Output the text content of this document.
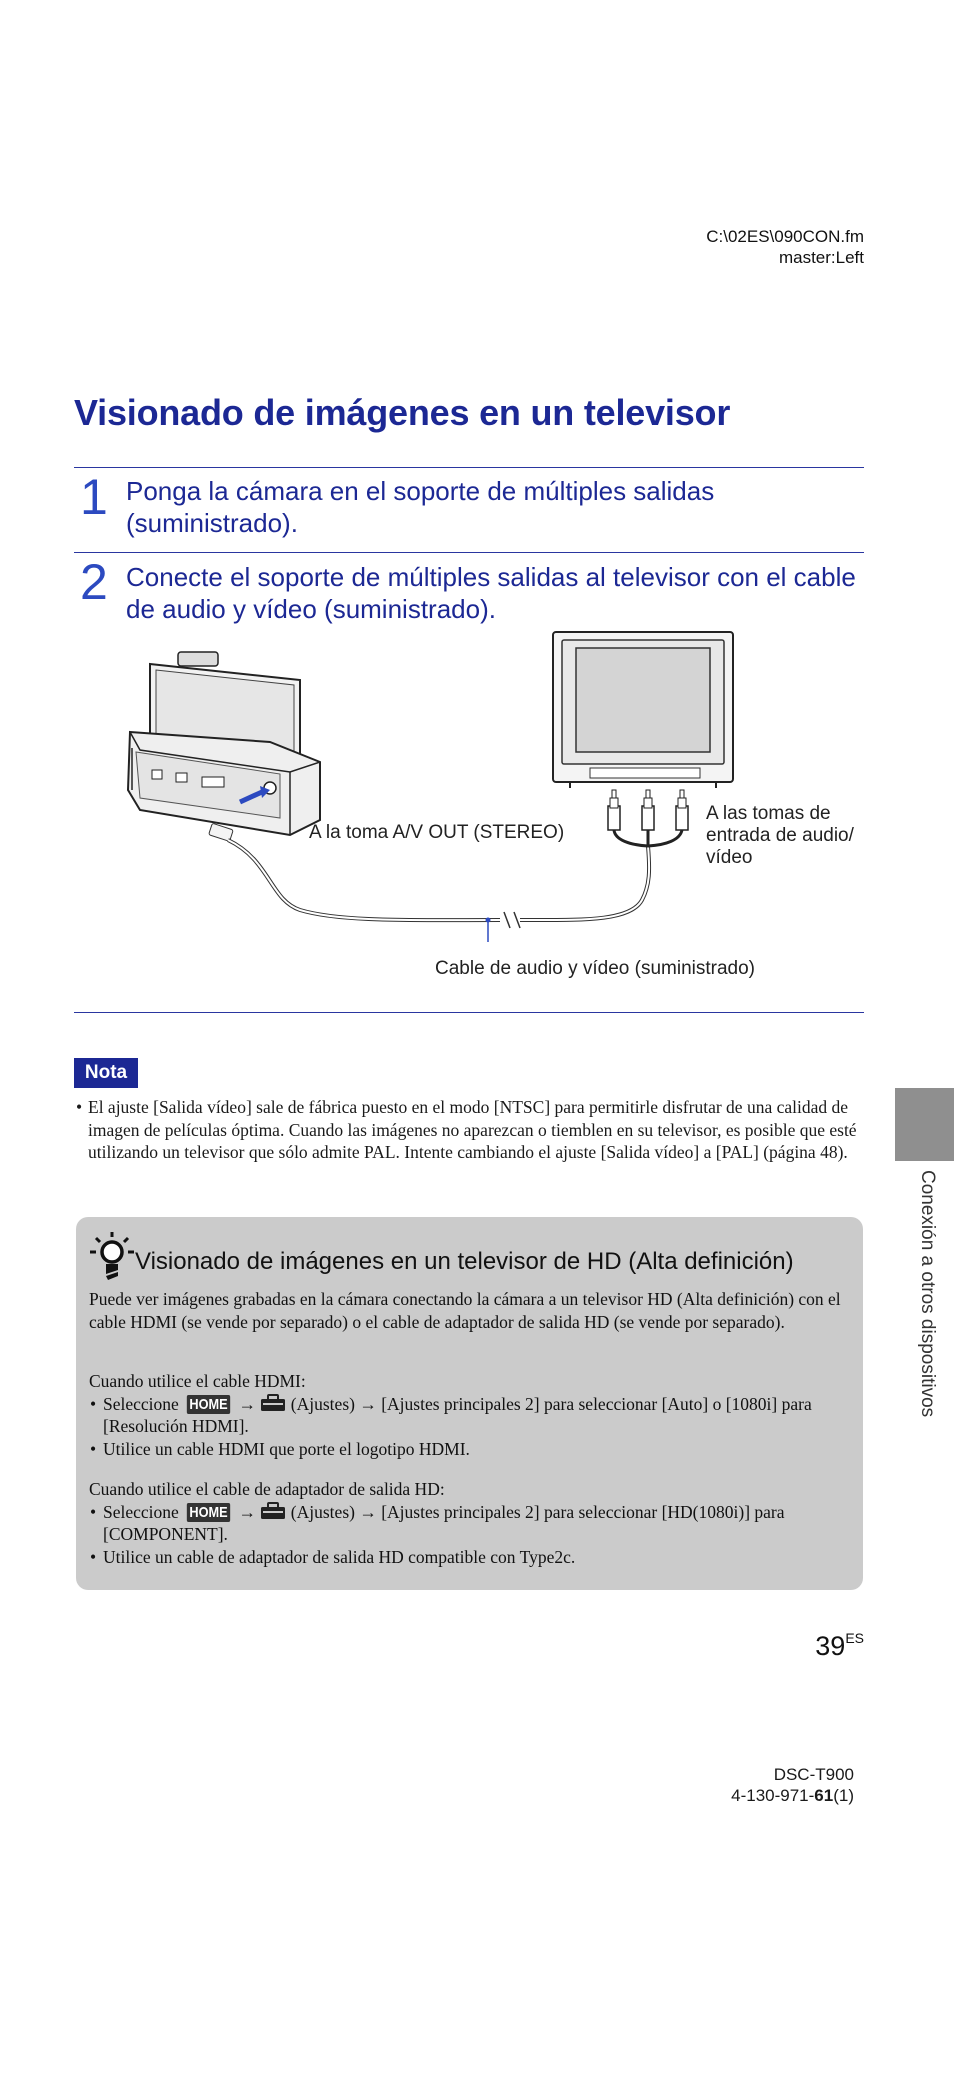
C:\02ES\090CON.fm
master:Left
Visionado de imágenes en un televisor
1 Ponga la cámara en el soporte de múltiples salidas (suministrado).
2 Conecte el soporte de múltiples salidas al televisor con el cable de audio y vídeo (suministrado).
A la toma A/V OUT (STEREO)
A las tomas de
entrada de audio/
vídeo
Cable de audio y vídeo (suministrado)
Nota
• El ajuste [Salida vídeo] sale de fábrica puesto en el modo [NTSC] para permitirle disfrutar de una calidad de imagen de películas óptima. Cuando las imágenes no aparezcan o tiemblen en su televisor, es posible que esté utilizando un televisor que sólo admite PAL. Intente cambiando el ajuste [Salida vídeo] a [PAL] (página 48).
Visionado de imágenes en un televisor de HD (Alta definición)
Puede ver imágenes grabadas en la cámara conectando la cámara a un televisor HD (Alta definición) con el cable HDMI (se vende por separado) o el cable de adaptador de salida HD (se vende por separado).
Cuando utilice el cable HDMI:
• Seleccione HOME → (Ajustes) → [Ajustes principales 2] para seleccionar [Auto] o [1080i] para [Resolución HDMI].
• Utilice un cable HDMI que porte el logotipo HDMI.
Cuando utilice el cable de adaptador de salida HD:
• Seleccione HOME → (Ajustes) → [Ajustes principales 2] para seleccionar [HD(1080i)] para [COMPONENT].
• Utilice un cable de adaptador de salida HD compatible con Type2c.
Conexión a otros dispositivos
$39^{ES}$
DSC-T900
4-130-971-61(1)
